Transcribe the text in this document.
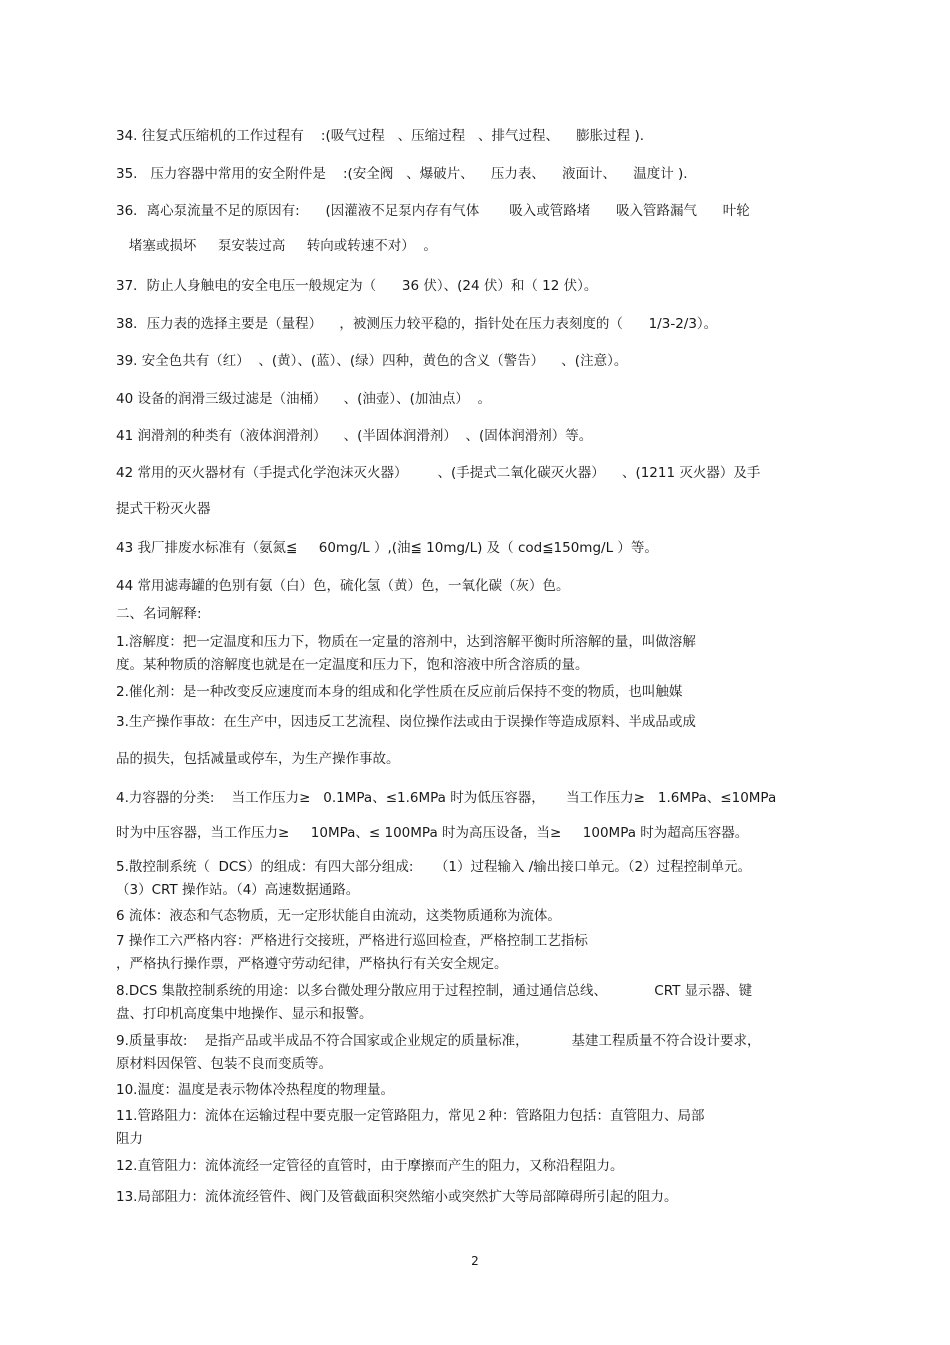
34. 往复式压缩机的工作过程有    :(吸气过程   、压缩过程   、排气过程、    膨胀过程 ).
35.   压力容器中常用的安全附件是    :(安全阀   、爆破片、    压力表、    液面计、    温度计 ).
36．离心泵流量不足的原因有:      (因灌液不足泵内存有气体       吸入或管路堵      吸入管路漏气      叶轮
堵塞或损坏     泵安装过高     转向或转速不对）  。
37．防止人身触电的安全电压一般规定为（      36 伏）、(24 伏）和（ 12 伏）。
38．压力表的选择主要是（量程）    ，被测压力较平稳的，指针处在压力表刻度的（      1/3-2/3）。
39. 安全色共有（红）  、(黄）、(蓝）、(绿）四种，黄色的含义（警告）    、(注意）。
40 设备的润滑三级过滤是（油桶）    、(油壶）、(加油点）  。
41 润滑剂的种类有（液体润滑剂）    、(半固体润滑剂）  、(固体润滑剂）等。
42 常用的灭火器材有（手提式化学泡沫灭火器）       、(手提式二氧化碳灭火器）    、(1211 灭火器）及手
提式干粉灭火器
43 我厂排废水标准有（氨氮≦     60mg/L ）,(油≦ 10mg/L) 及（ cod≦150mg/L ）等。
44 常用滤毒罐的色别有氨（白）色，硫化氢（黄）色，一氧化碳（灰）色。
二、名词解释:
1.溶解度：把一定温度和压力下，物质在一定量的溶剂中，达到溶解平衡时所溶解的量，叫做溶解
度。某种物质的溶解度也就是在一定温度和压力下，饱和溶液中所含溶质的量。
2.催化剂：是一种改变反应速度而本身的组成和化学性质在反应前后保持不变的物质，也叫触媒
3.生产操作事故：在生产中，因违反工艺流程、岗位操作法或由于误操作等造成原料、半成品或成
品的损失，包括减量或停车，为生产操作事故。
4.力容器的分类:    当工作压力≥   0.1MPa、≤1.6MPa 时为低压容器，     当工作压力≥   1.6MPa、≤10MPa
时为中压容器，当工作压力≥     10MPa、≤ 100MPa 时为高压设备，当≥     100MPa 时为超高压容器。
5.散控制系统（  DCS）的组成：有四大部分组成:     （1）过程输入 /输出接口单元。（2）过程控制单元。
（3）CRT 操作站。（4）高速数据通路。
6 流体：液态和气态物质，无一定形状能自由流动，这类物质通称为流体。
7 操作工六严格内容：严格进行交接班，严格进行巡回检查，严格控制工艺指标
，严格执行操作票，严格遵守劳动纪律，严格执行有关安全规定。
8.DCS 集散控制系统的用途：以多台微处理分散应用于过程控制，通过通信总线、           CRT 显示器、键
盘、打印机高度集中地操作、显示和报警。
9.质量事故:    是指产品或半成品不符合国家或企业规定的质量标准，          基建工程质量不符合设计要求，
原材料因保管、包装不良而变质等。
10.温度：温度是表示物体冷热程度的物理量。
11.管路阻力：流体在运输过程中要克服一定管路阻力，常见２种：管路阻力包括：直管阻力、局部
阻力
12.直管阻力：流体流经一定管径的直管时，由于摩擦而产生的阻力，又称沿程阻力。
13.局部阻力：流体流经管件、阀门及管截面积突然缩小或突然扩大等局部障碍所引起的阻力。
2
